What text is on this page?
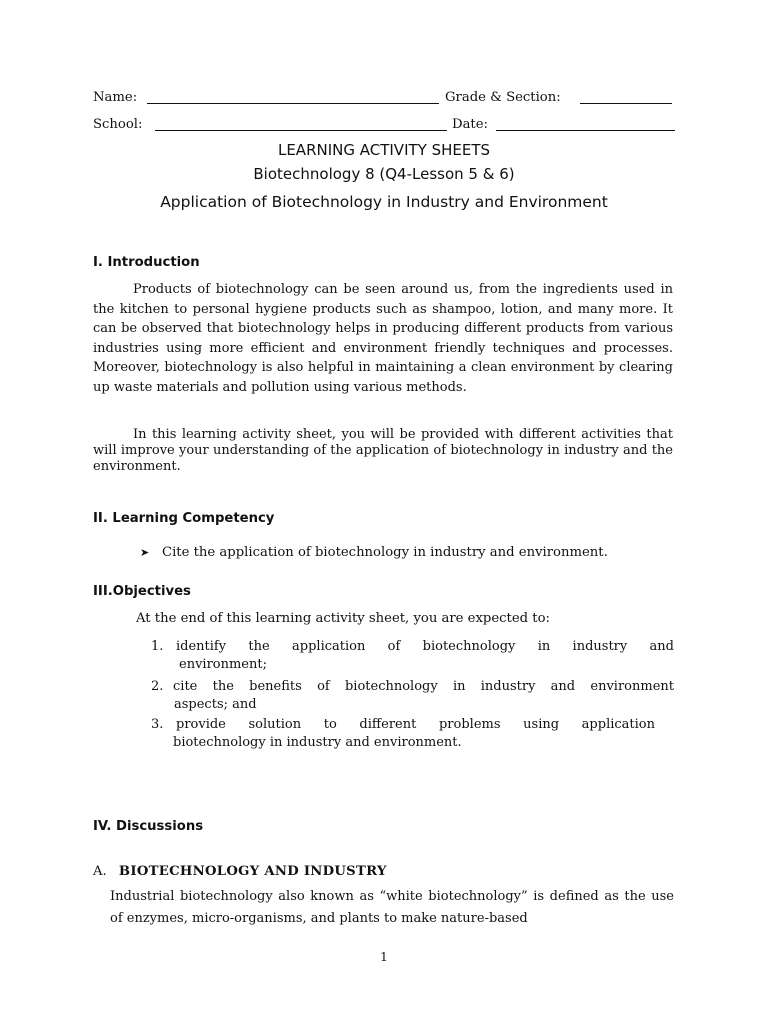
Name:	Grade & Section:
School:	Date:
LEARNING ACTIVITY SHEETS
Biotechnology 8 (Q4-Lesson 5 & 6)
Application of Biotechnology in Industry and Environment
I. Introduction

Products of biotechnology can be seen around us, from the ingredients used in the kitchen to personal hygiene products such as shampoo, lotion, and many more. It can be observed that biotechnology helps in producing different products from various industries using more efficient and environment friendly techniques and processes. Moreover, biotechnology is also helpful in maintaining a clean environment by clearing up waste materials and pollution using various methods.

In this learning activity sheet, you will be provided with different activities that will improve your understanding of the application of biotechnology in industry and the environment.

II. Learning Competency
➤ Cite the application of biotechnology in industry and environment.
III.Objectives
At the end of this learning activity sheet, you are expected to:
1. identify the application of biotechnology in industry and
environment;
2. cite the benefits of biotechnology in industry and environment
aspects; and
3. provide solution to different problems using application
biotechnology in industry and environment.
IV. Discussions
A. BIOTECHNOLOGY AND INDUSTRY

Industrial biotechnology also known as “white biotechnology” is defined as the use of enzymes, micro-organisms, and plants to make nature-based

1
